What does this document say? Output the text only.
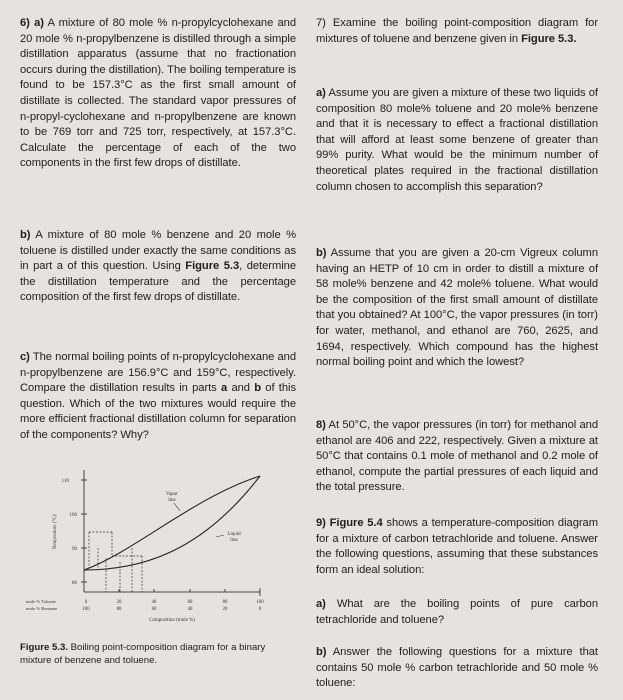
6) a) A mixture of 80 mole % n-propylcyclohexane and 20 mole % n-propylbenzene is distilled through a simple distillation apparatus (assume that no fractionation occurs during the distillation). The boiling temperature is found to be 157.3°C as the first small amount of distillate is collected. The standard vapor pressures of n-propyl-cyclohexane and n-propylbenzene are known to be 769 torr and 725 torr, respectively, at 157.3°C. Calculate the percentage of each of the two components in the first few drops of distillate.
b) A mixture of 80 mole % benzene and 20 mole % toluene is distilled under exactly the same conditions as in part a of this question. Using Figure 5.3, determine the distillation temperature and the percentage composition of the first few drops of distillate.
c) The normal boiling points of n-propylcyclohexane and n-propylbenzene are 156.9°C and 159°C, respectively. Compare the distillation results in parts a and b of this question. Which of the two mixtures would require the more efficient fractional distillation column for separation of the components? Why?
110
100
90
80
Temperature (°C)
Vapor
line
Liquid
line
mole % Toluene
mole % Benzene
0	20	40	60	80	100
100	80	60	40	20	0
Composition (mole %)
Figure 5.3. Boiling point-composition diagram for a binary mixture of benzene and toluene.
7) Examine the boiling point-composition diagram for mixtures of toluene and benzene given in Figure 5.3.
a) Assume you are given a mixture of these two liquids of composition 80 mole% toluene and 20 mole% benzene and that it is necessary to effect a fractional distillation that will afford at least some benzene of greater than 99% purity. What would be the minimum number of theoretical plates required in the fractional distillation column chosen to accomplish this separation?
b) Assume that you are given a 20-cm Vigreux column having an HETP of 10 cm in order to distill a mixture of 58 mole% benzene and 42 mole% toluene. What would be the composition of the first small amount of distillate that you obtained? At 100°C, the vapor pressures (in torr) for water, methanol, and ethanol are 760, 2625, and 1694, respectively. Which compound has the highest normal boiling point and which the lowest?
8) At 50°C, the vapor pressures (in torr) for methanol and ethanol are 406 and 222, respectively. Given a mixture at 50°C that contains 0.1 mole of methanol and 0.2 mole of ethanol, compute the partial pressures of each liquid and the total pressure.
9) Figure 5.4 shows a temperature-composition diagram for a mixture of carbon tetrachloride and toluene. Answer the following questions, assuming that these substances form an ideal solution:
a) What are the boiling points of pure carbon tetrachloride and toluene?
b) Answer the following questions for a mixture that contains 50 mole % carbon tetrachloride and 50 mole % toluene:
